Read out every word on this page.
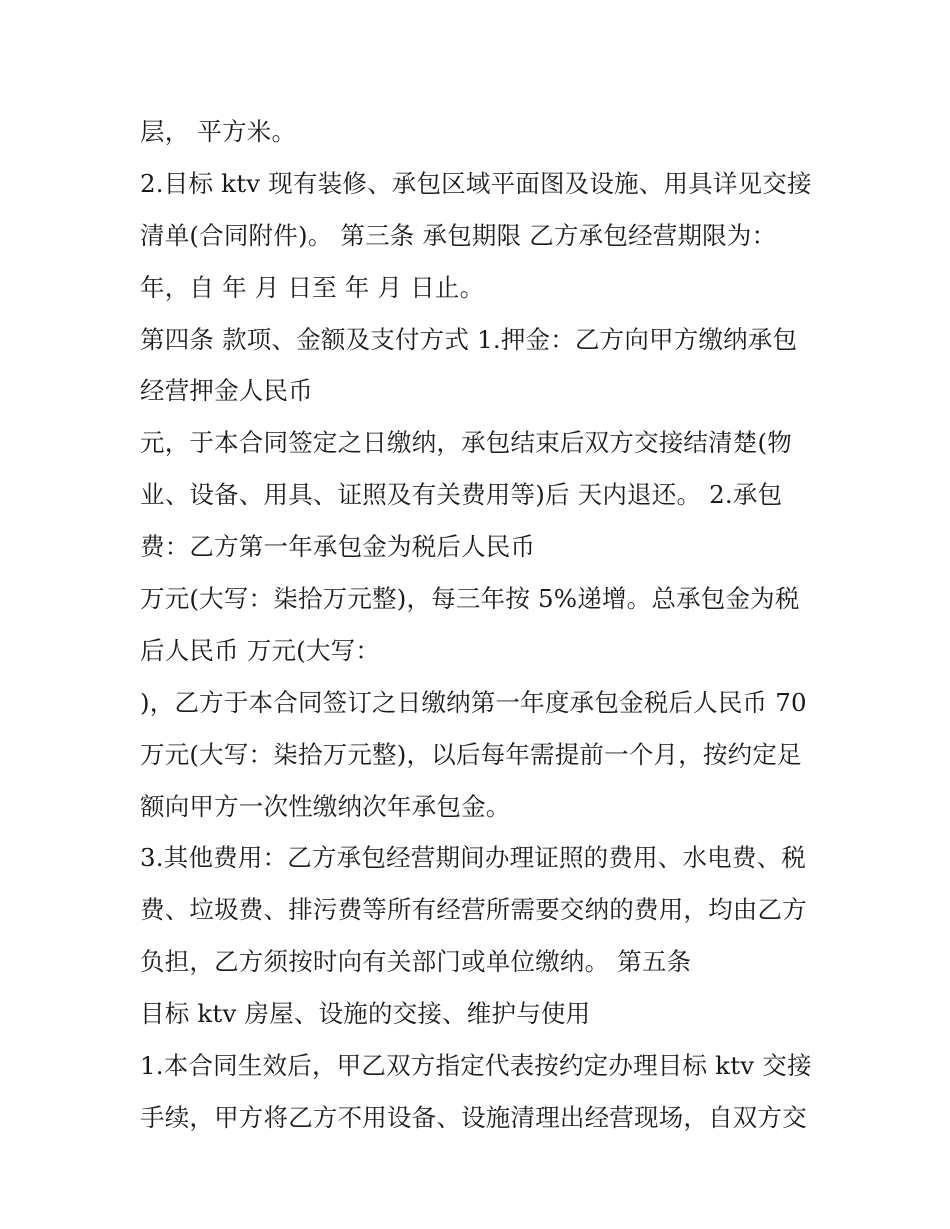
层， 平方米。
2.目标 ktv 现有装修、承包区域平面图及设施、用具详见交接
清单(合同附件)。 第三条 承包期限 乙方承包经营期限为：
年，自 年 月 日至 年 月 日止。
第四条 款项、金额及支付方式 1.押金：乙方向甲方缴纳承包
经营押金人民币
元，于本合同签定之日缴纳，承包结束后双方交接结清楚(物
业、设备、用具、证照及有关费用等)后 天内退还。 2.承包
费：乙方第一年承包金为税后人民币
万元(大写：柒拾万元整)，每三年按 5%递增。总承包金为税
后人民币 万元(大写：
)，乙方于本合同签订之日缴纳第一年度承包金税后人民币 70
万元(大写：柒拾万元整)，以后每年需提前一个月，按约定足
额向甲方一次性缴纳次年承包金。
3.其他费用：乙方承包经营期间办理证照的费用、水电费、税
费、垃圾费、排污费等所有经营所需要交纳的费用，均由乙方
负担，乙方须按时向有关部门或单位缴纳。 第五条
目标 ktv 房屋、设施的交接、维护与使用
1.本合同生效后，甲乙双方指定代表按约定办理目标 ktv 交接
手续，甲方将乙方不用设备、设施清理出经营现场，自双方交
